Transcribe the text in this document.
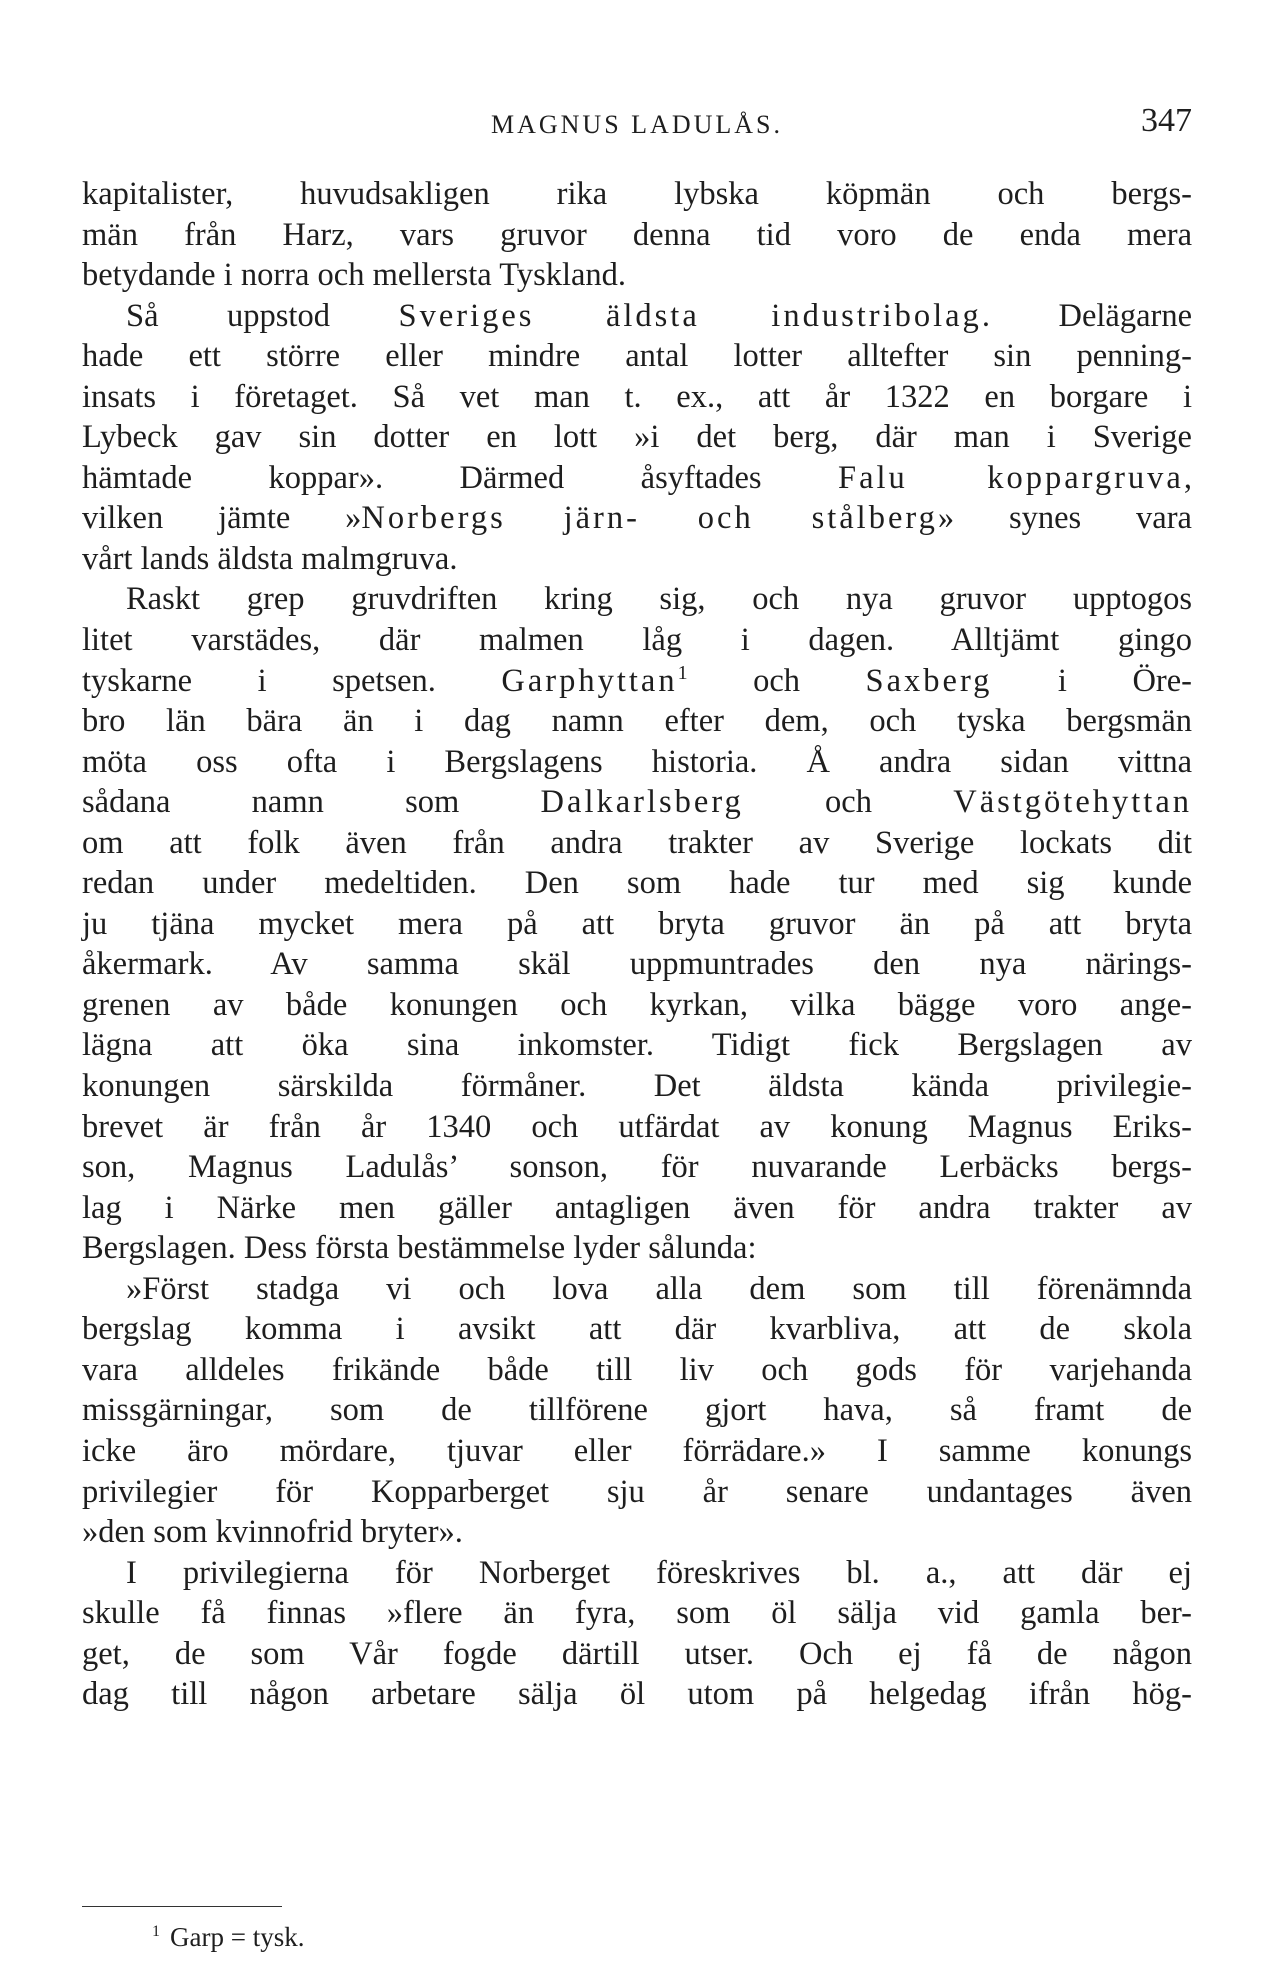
MAGNUS LADULÅS.	347
kapitalister, huvudsakligen rika lybska köpmän och bergs-
män från Harz, vars gruvor denna tid voro de enda mera
betydande i norra och mellersta Tyskland.
Så uppstod Sveriges äldsta industribolag. Delägarne
hade ett större eller mindre antal lotter alltefter sin penning-
insats i företaget. Så vet man t. ex., att år 1322 en borgare i
Lybeck gav sin dotter en lott »i det berg, där man i Sverige
hämtade koppar». Därmed åsyftades Falu koppargruva,
vilken jämte »Norbergs järn- och stålberg» synes vara
vårt lands äldsta malmgruva.
Raskt grep gruvdriften kring sig, och nya gruvor upptogos
litet varstädes, där malmen låg i dagen. Alltjämt gingo
tyskarne i spetsen. Garphyttan$^1$ och Saxberg i Öre-
bro län bära än i dag namn efter dem, och tyska bergsmän
möta oss ofta i Bergslagens historia. Å andra sidan vittna
sådana namn som Dalkarlsberg och Västgötehyttan
om att folk även från andra trakter av Sverige lockats dit
redan under medeltiden. Den som hade tur med sig kunde
ju tjäna mycket mera på att bryta gruvor än på att bryta
åkermark. Av samma skäl uppmuntrades den nya närings-
grenen av både konungen och kyrkan, vilka bägge voro ange-
lägna att öka sina inkomster. Tidigt fick Bergslagen av
konungen särskilda förmåner. Det äldsta kända privilegie-
brevet är från år 1340 och utfärdat av konung Magnus Eriks-
son, Magnus Ladulås’ sonson, för nuvarande Lerbäcks bergs-
lag i Närke men gäller antagligen även för andra trakter av
Bergslagen. Dess första bestämmelse lyder sålunda:
»Först stadga vi och lova alla dem som till förenämnda
bergslag komma i avsikt att där kvarbliva, att de skola
vara alldeles frikände både till liv och gods för varjehanda
missgärningar, som de tillförene gjort hava, så framt de
icke äro mördare, tjuvar eller förrädare.» I samme konungs
privilegier för Kopparberget sju år senare undantages även
»den som kvinnofrid bryter».
I privilegierna för Norberget föreskrives bl. a., att där ej
skulle få finnas »flere än fyra, som öl sälja vid gamla ber-
get, de som Vår fogde därtill utser. Och ej få de någon
dag till någon arbetare sälja öl utom på helgedag ifrån hög-
$^1$ Garp = tysk.
